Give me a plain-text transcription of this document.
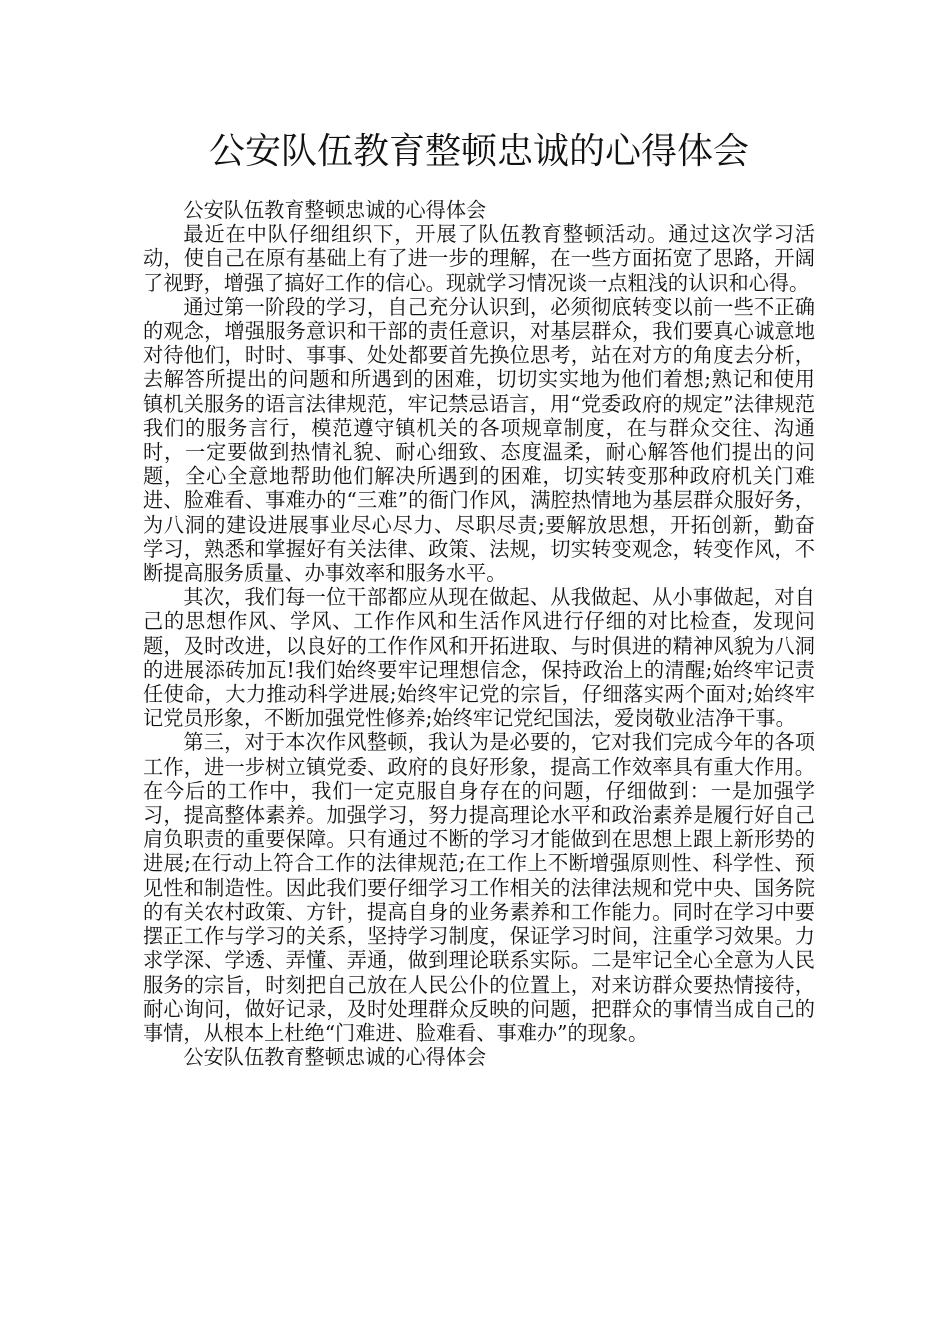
公安队伍教育整顿忠诚的心得体会

公安队伍教育整顿忠诚的心得体会

最近在中队仔细组织下，开展了队伍教育整顿活动。通过这次学习活动，使自己在原有基础上有了进一步的理解，在一些方面拓宽了思路，开阔了视野，增强了搞好工作的信心。现就学习情况谈一点粗浅的认识和心得。

通过第一阶段的学习，自己充分认识到，必须彻底转变以前一些不正确的观念，增强服务意识和干部的责任意识，对基层群众，我们要真心诚意地对待他们，时时、事事、处处都要首先换位思考，站在对方的角度去分析，去解答所提出的问题和所遇到的困难，切切实实地为他们着想;熟记和使用镇机关服务的语言法律规范，牢记禁忌语言，用“党委政府的规定”法律规范我们的服务言行，模范遵守镇机关的各项规章制度，在与群众交往、沟通时，一定要做到热情礼貌、耐心细致、态度温柔，耐心解答他们提出的问题，全心全意地帮助他们解决所遇到的困难，切实转变那种政府机关门难进、脸难看、事难办的“三难”的衙门作风，满腔热情地为基层群众服好务，为八洞的建设进展事业尽心尽力、尽职尽责;要解放思想，开拓创新，勤奋学习，熟悉和掌握好有关法律、政策、法规，切实转变观念，转变作风，不断提高服务质量、办事效率和服务水平。

其次，我们每一位干部都应从现在做起、从我做起、从小事做起，对自己的思想作风、学风、工作作风和生活作风进行仔细的对比检查，发现问题，及时改进，以良好的工作作风和开拓进取、与时俱进的精神风貌为八洞的进展添砖加瓦!我们始终要牢记理想信念，保持政治上的清醒;始终牢记责任使命，大力推动科学进展;始终牢记党的宗旨，仔细落实两个面对;始终牢记党员形象，不断加强党性修养;始终牢记党纪国法，爱岗敬业洁净干事。

第三，对于本次作风整顿，我认为是必要的，它对我们完成今年的各项工作，进一步树立镇党委、政府的良好形象，提高工作效率具有重大作用。在今后的工作中，我们一定克服自身存在的问题，仔细做到：一是加强学习，提高整体素养。加强学习，努力提高理论水平和政治素养是履行好自己肩负职责的重要保障。只有通过不断的学习才能做到在思想上跟上新形势的进展;在行动上符合工作的法律规范;在工作上不断增强原则性、科学性、预见性和制造性。因此我们要仔细学习工作相关的法律法规和党中央、国务院的有关农村政策、方针，提高自身的业务素养和工作能力。同时在学习中要摆正工作与学习的关系，坚持学习制度，保证学习时间，注重学习效果。力求学深、学透、弄懂、弄通，做到理论联系实际。二是牢记全心全意为人民服务的宗旨，时刻把自己放在人民公仆的位置上，对来访群众要热情接待，耐心询问，做好记录，及时处理群众反映的问题，把群众的事情当成自己的事情，从根本上杜绝“门难进、脸难看、事难办”的现象。

公安队伍教育整顿忠诚的心得体会
